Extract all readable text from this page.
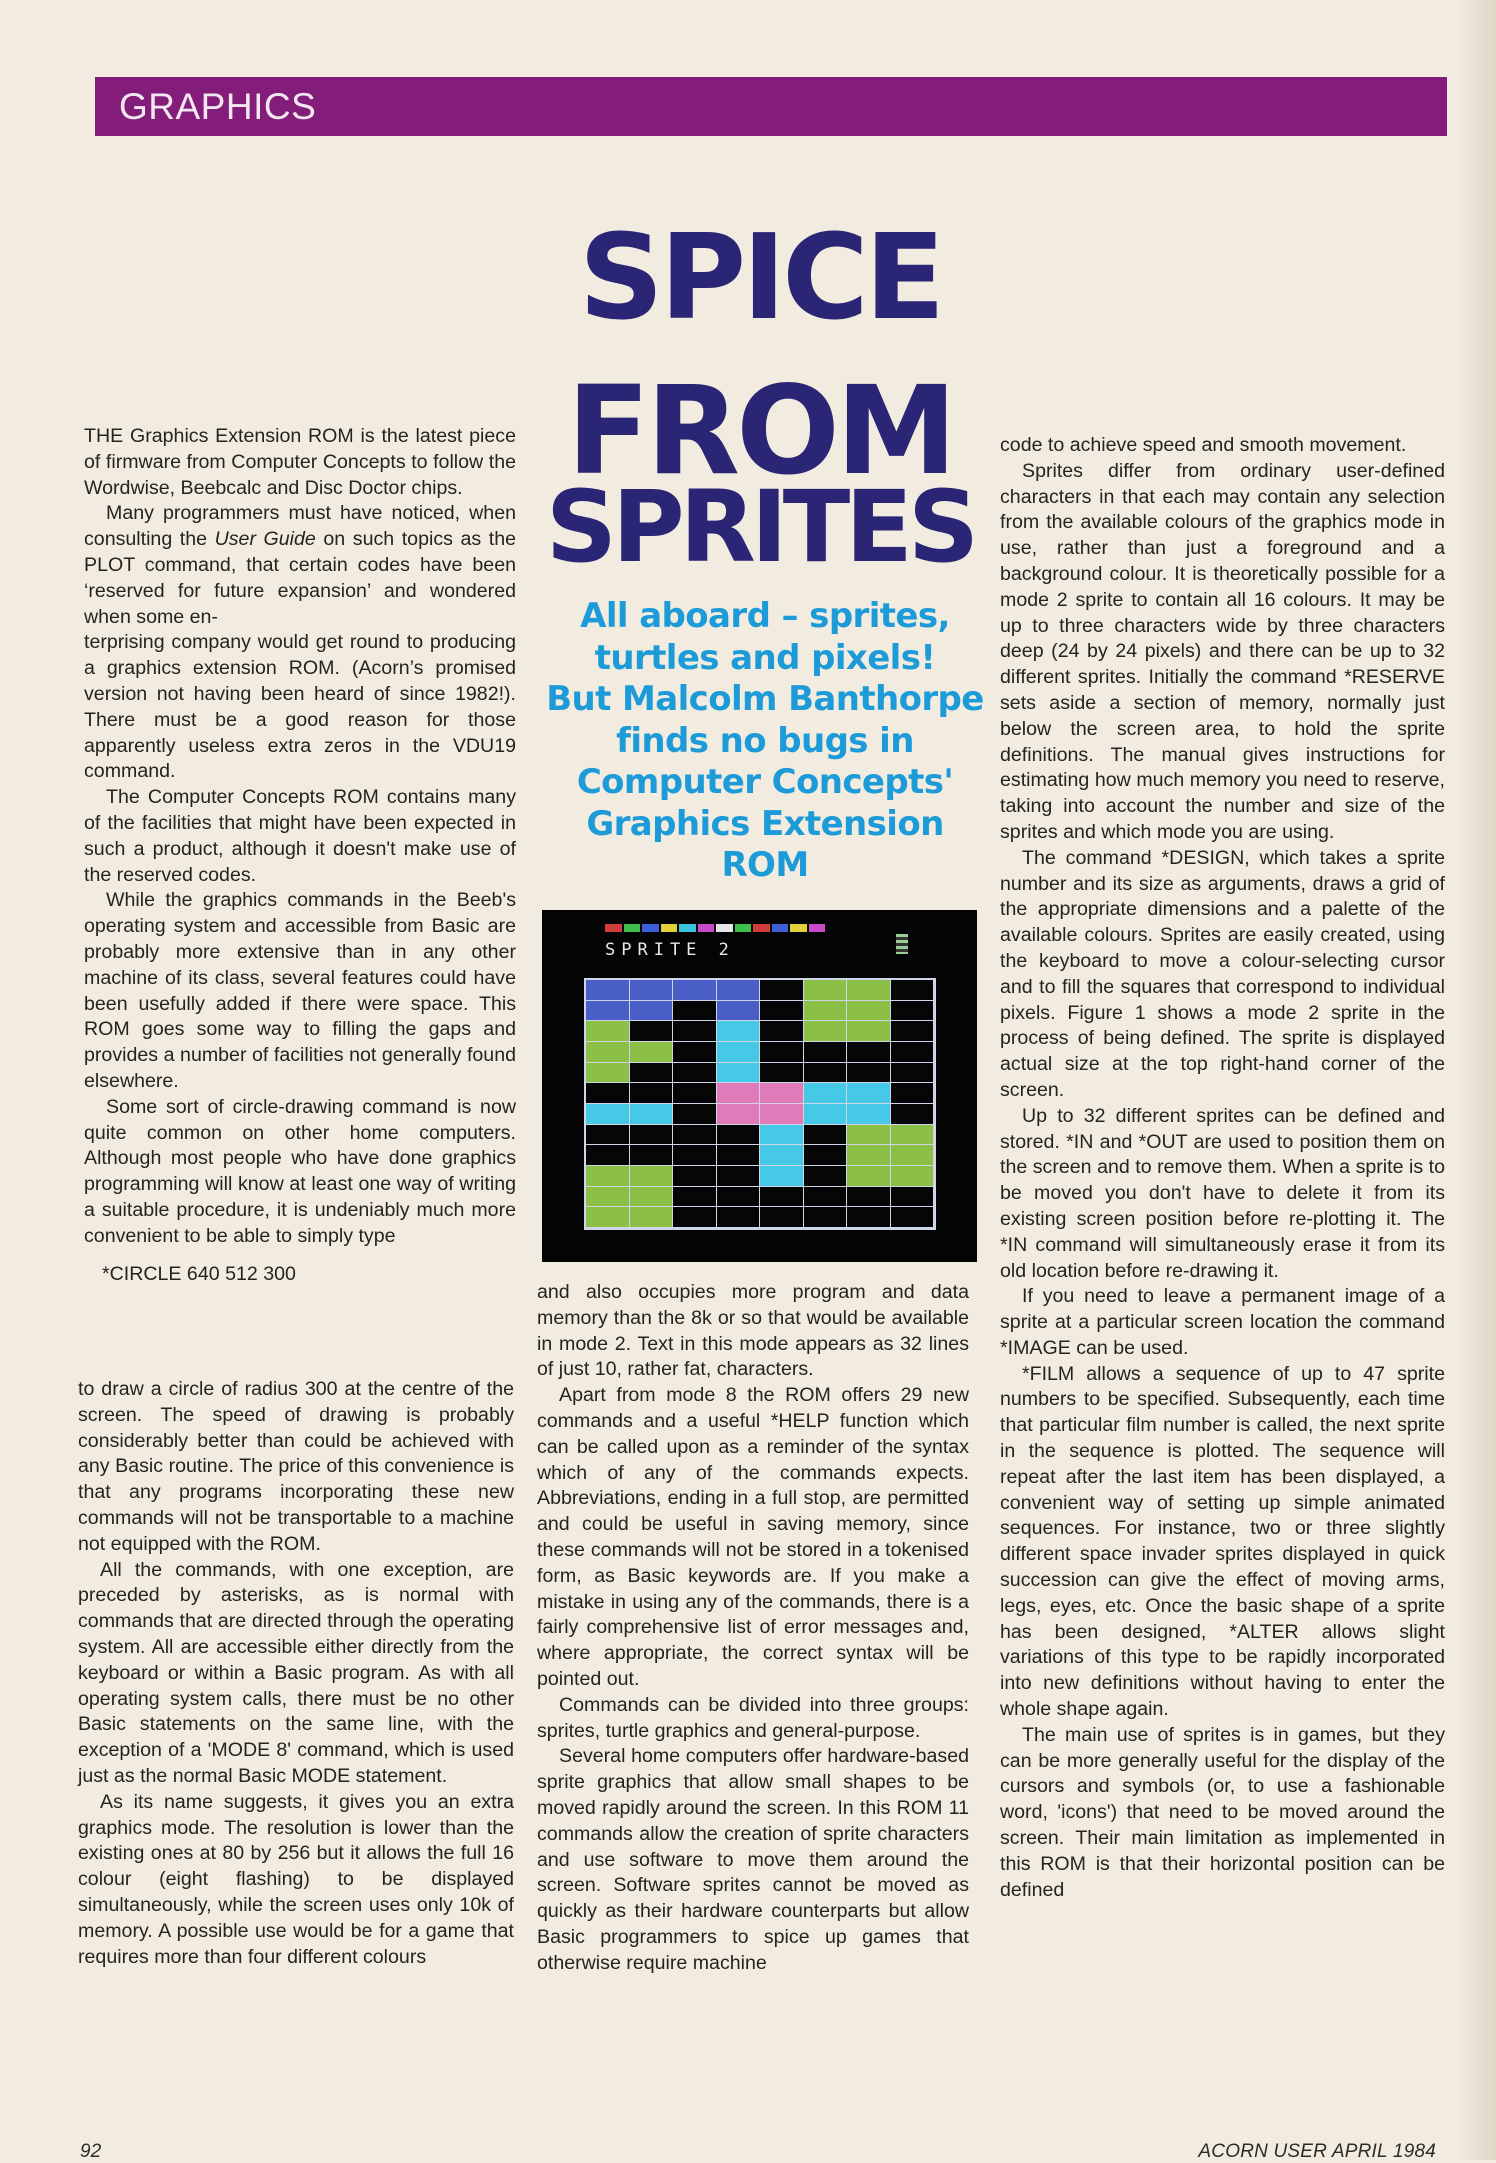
GRAPHICS
SPICE
FROM
SPRITES
All aboard – sprites,
turtles and pixels!
But Malcolm Banthorpe
finds no bugs in
Computer Concepts'
Graphics Extension
ROM
SPRITE 2

THE Graphics Extension ROM is the latest piece of firmware from Computer Concepts to follow the Wordwise, Beebcalc and Disc Doctor chips.

Many programmers must have noticed, when consulting the User Guide on such topics as the PLOT command, that certain codes have been ‘reserved for future expansion’ and wondered when some en-
terprising company would get round to producing a graphics extension ROM. (Acorn’s promised version not having been heard of since 1982!). There must be a good reason for those apparently useless extra zeros in the VDU19 command.

The Computer Concepts ROM contains many of the facilities that might have been expected in such a product, although it doesn't make use of the reserved codes.

While the graphics commands in the Beeb's operating system and accessible from Basic are probably more extensive than in any other machine of its class, several features could have been usefully added if there were space. This ROM goes some way to filling the gaps and provides a number of facilities not generally found elsewhere.

Some sort of circle-drawing command is now quite common on other home computers. Although most people who have done graphics programming will know at least one way of writing a suitable procedure, it is undeniably much more convenient to be able to simply type

*CIRCLE 640 512 300

to draw a circle of radius 300 at the centre of the screen. The speed of drawing is probably considerably better than could be achieved with any Basic routine. The price of this convenience is that any programs incorporating these new commands will not be transportable to a machine not equipped with the ROM.

All the commands, with one exception, are preceded by asterisks, as is normal with commands that are directed through the operating system. All are accessible either directly from the keyboard or within a Basic program. As with all operating system calls, there must be no other Basic statements on the same line, with the exception of a 'MODE 8' command, which is used just as the normal Basic MODE statement.

As its name suggests, it gives you an extra graphics mode. The resolution is lower than the existing ones at 80 by 256 but it allows the full 16 colour (eight flashing) to be displayed simultaneously, while the screen uses only 10k of memory. A possible use would be for a game that requires more than four different colours

and also occupies more program and data memory than the 8k or so that would be available in mode 2. Text in this mode appears as 32 lines of just 10, rather fat, characters.

Apart from mode 8 the ROM offers 29 new commands and a useful *HELP function which can be called upon as a reminder of the syntax which of any of the commands expects. Abbreviations, ending in a full stop, are permitted and could be useful in saving memory, since these commands will not be stored in a tokenised form, as Basic keywords are. If you make a mistake in using any of the commands, there is a fairly comprehensive list of error messages and, where appropriate, the correct syntax will be pointed out.

Commands can be divided into three groups: sprites, turtle graphics and general-purpose.

Several home computers offer hardware-based sprite graphics that allow small shapes to be moved rapidly around the screen. In this ROM 11 commands allow the creation of sprite characters and use software to move them around the screen. Software sprites cannot be moved as quickly as their hardware counterparts but allow Basic programmers to spice up games that otherwise require machine

code to achieve speed and smooth movement.

Sprites differ from ordinary user-defined characters in that each may contain any selection from the available colours of the graphics mode in use, rather than just a foreground and a background colour. It is theoretically possible for a mode 2 sprite to contain all 16 colours. It may be up to three characters wide by three characters deep (24 by 24 pixels) and there can be up to 32 different sprites. Initially the command *RESERVE sets aside a section of memory, normally just below the screen area, to hold the sprite definitions. The manual gives instructions for estimating how much memory you need to reserve, taking into account the number and size of the sprites and which mode you are using.

The command *DESIGN, which takes a sprite number and its size as arguments, draws a grid of the appropriate dimensions and a palette of the available colours. Sprites are easily created, using the keyboard to move a colour-selecting cursor and to fill the squares that correspond to individual pixels. Figure 1 shows a mode 2 sprite in the process of being defined. The sprite is displayed actual size at the top right-hand corner of the screen.

Up to 32 different sprites can be defined and stored. *IN and *OUT are used to position them on the screen and to remove them. When a sprite is to be moved you don't have to delete it from its existing screen position before re-plotting it. The *IN command will simultaneously erase it from its old location before re-drawing it.

If you need to leave a permanent image of a sprite at a particular screen location the command *IMAGE can be used.

*FILM allows a sequence of up to 47 sprite numbers to be specified. Subsequently, each time that particular film number is called, the next sprite in the sequence is plotted. The sequence will repeat after the last item has been displayed, a convenient way of setting up simple animated sequences. For instance, two or three slightly different space invader sprites displayed in quick succession can give the effect of moving arms, legs, eyes, etc. Once the basic shape of a sprite has been designed, *ALTER allows slight variations of this type to be rapidly incorporated into new definitions without having to enter the whole shape again.

The main use of sprites is in games, but they can be more generally useful for the display of the cursors and symbols (or, to use a fashionable word, 'icons') that need to be moved around the screen. Their main limitation as implemented in this ROM is that their horizontal position can be defined

92	ACORN USER APRIL 1984
